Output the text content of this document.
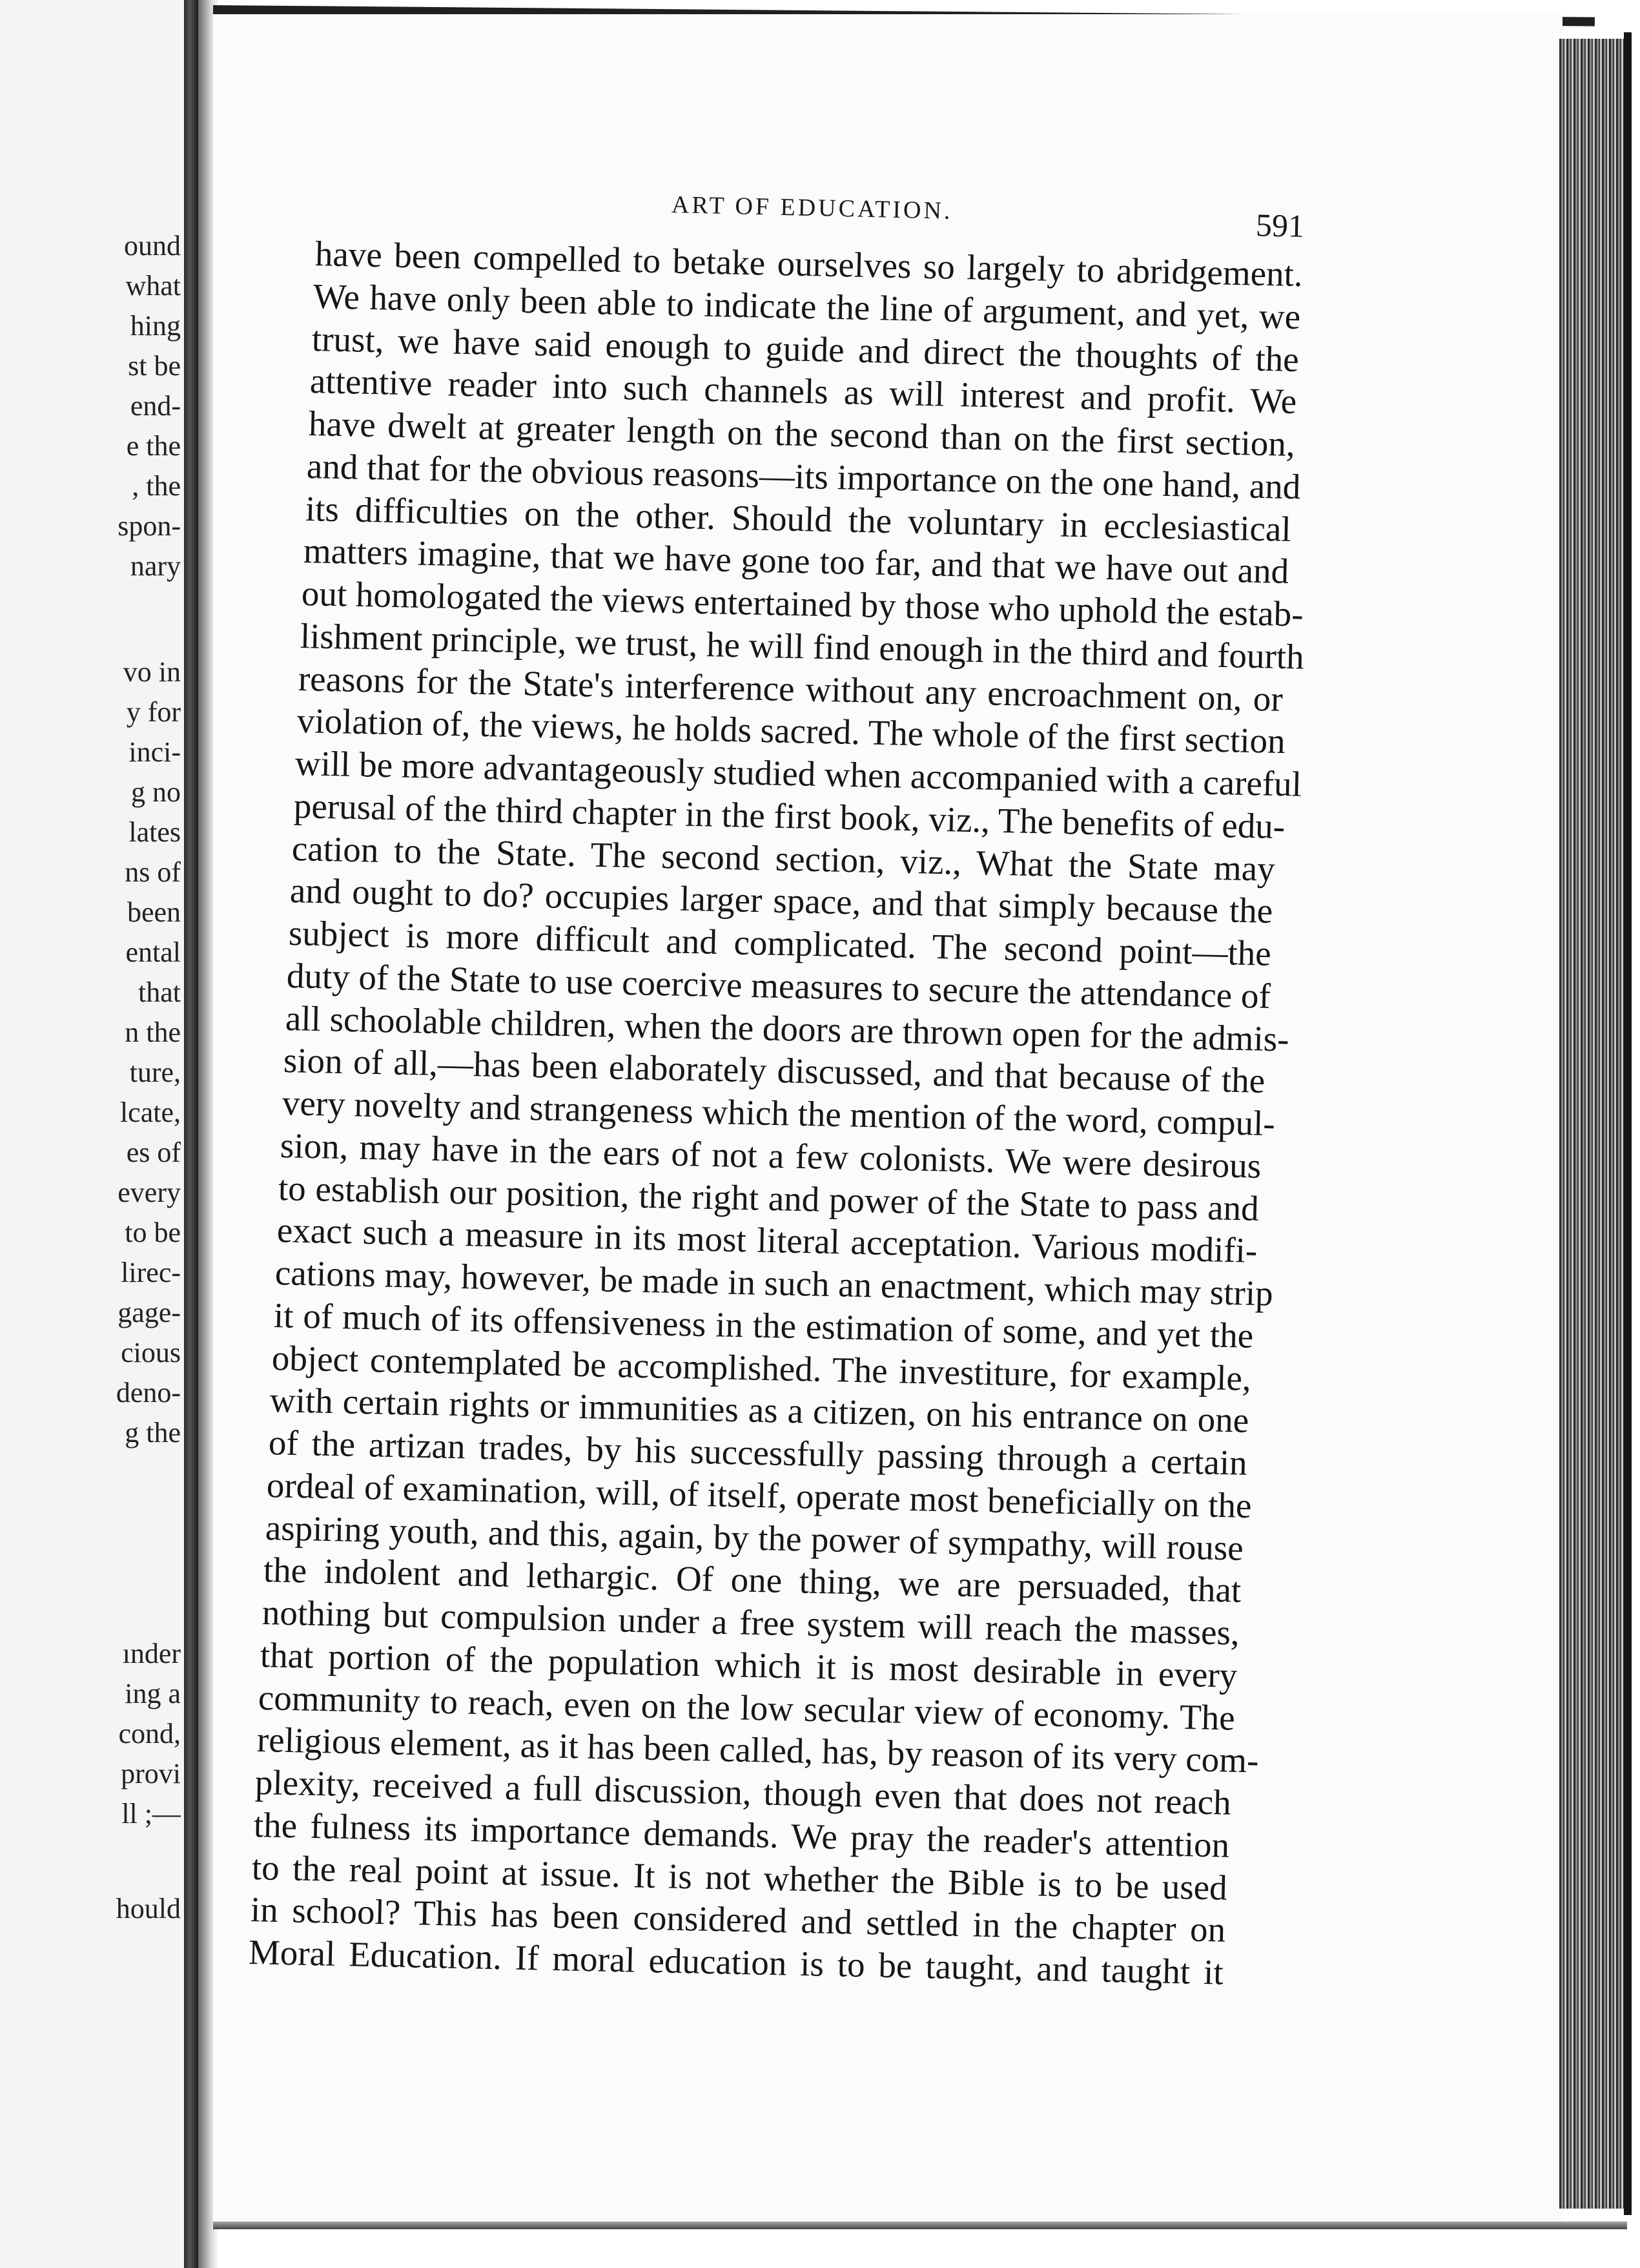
ound
what
hing
st be
end-
e the
, the
spon-
nary
vo in
y for
inci-
g no
lates
ns of
been
ental
that
n the
ture,
lcate,
es of
every
to be
lirec-
gage-
cious
deno-
g the
ınder
ing a
cond,
provi
ll ;—
hould
ART OF EDUCATION.	591
have been compelled to betake ourselves so largely to abridgement.
We have only been able to indicate the line of argument, and yet, we
trust, we have said enough to guide and direct the thoughts of the
attentive reader into such channels as will interest and profit. We
have dwelt at greater length on the second than on the first section,
and that for the obvious reasons—its importance on the one hand, and
its difficulties on the other. Should the voluntary in ecclesiastical
matters imagine, that we have gone too far, and that we have out and
out homologated the views entertained by those who uphold the estab-
lishment principle, we trust, he will find enough in the third and fourth
reasons for the State's interference without any encroachment on, or
violation of, the views, he holds sacred. The whole of the first section
will be more advantageously studied when accompanied with a careful
perusal of the third chapter in the first book, viz., The benefits of edu-
cation to the State. The second section, viz., What the State may
and ought to do? occupies larger space, and that simply because the
subject is more difficult and complicated. The second point—the
duty of the State to use coercive measures to secure the attendance of
all schoolable children, when the doors are thrown open for the admis-
sion of all,—has been elaborately discussed, and that because of the
very novelty and strangeness which the mention of the word, compul-
sion, may have in the ears of not a few colonists. We were desirous
to establish our position, the right and power of the State to pass and
exact such a measure in its most literal acceptation. Various modifi-
cations may, however, be made in such an enactment, which may strip
it of much of its offensiveness in the estimation of some, and yet the
object contemplated be accomplished. The investiture, for example,
with certain rights or immunities as a citizen, on his entrance on one
of the artizan trades, by his successfully passing through a certain
ordeal of examination, will, of itself, operate most beneficially on the
aspiring youth, and this, again, by the power of sympathy, will rouse
the indolent and lethargic. Of one thing, we are persuaded, that
nothing but compulsion under a free system will reach the masses,
that portion of the population which it is most desirable in every
community to reach, even on the low secular view of economy. The
religious element, as it has been called, has, by reason of its very com-
plexity, received a full discussion, though even that does not reach
the fulness its importance demands. We pray the reader's attention
to the real point at issue. It is not whether the Bible is to be used
in school? This has been considered and settled in the chapter on
Moral Education. If moral education is to be taught, and taught it
